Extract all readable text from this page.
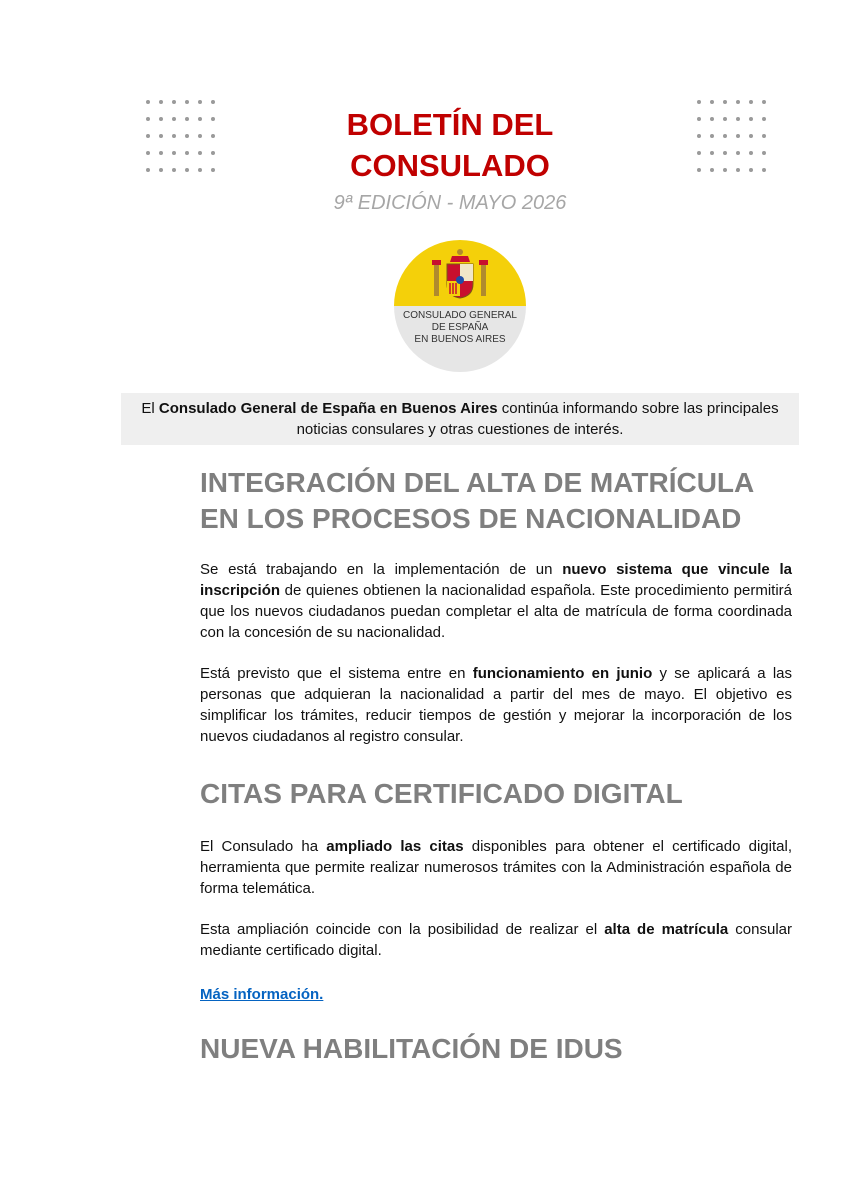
BOLETÍN DEL
CONSULADO
9ª EDICIÓN - MAYO 2026
CONSULADO GENERAL
DE ESPAÑA
EN BUENOS AIRES
El Consulado General de España en Buenos Aires continúa informando sobre las principales noticias consulares y otras cuestiones de interés.
INTEGRACIÓN DEL ALTA DE MATRÍCULA
EN LOS PROCESOS DE NACIONALIDAD

Se está trabajando en la implementación de un nuevo sistema que vincule la inscripción de quienes obtienen la nacionalidad española. Este procedimiento permitirá que los nuevos ciudadanos puedan completar el alta de matrícula de forma coordinada con la concesión de su nacionalidad.

Está previsto que el sistema entre en funcionamiento en junio y se aplicará a las personas que adquieran la nacionalidad a partir del mes de mayo. El objetivo es simplificar los trámites, reducir tiempos de gestión y mejorar la incorporación de los nuevos ciudadanos al registro consular.

CITAS PARA CERTIFICADO DIGITAL

El Consulado ha ampliado las citas disponibles para obtener el certificado digital, herramienta que permite realizar numerosos trámites con la Administración española de forma telemática.

Esta ampliación coincide con la posibilidad de realizar el alta de matrícula consular mediante certificado digital.

Más información.
NUEVA HABILITACIÓN DE IDUS
